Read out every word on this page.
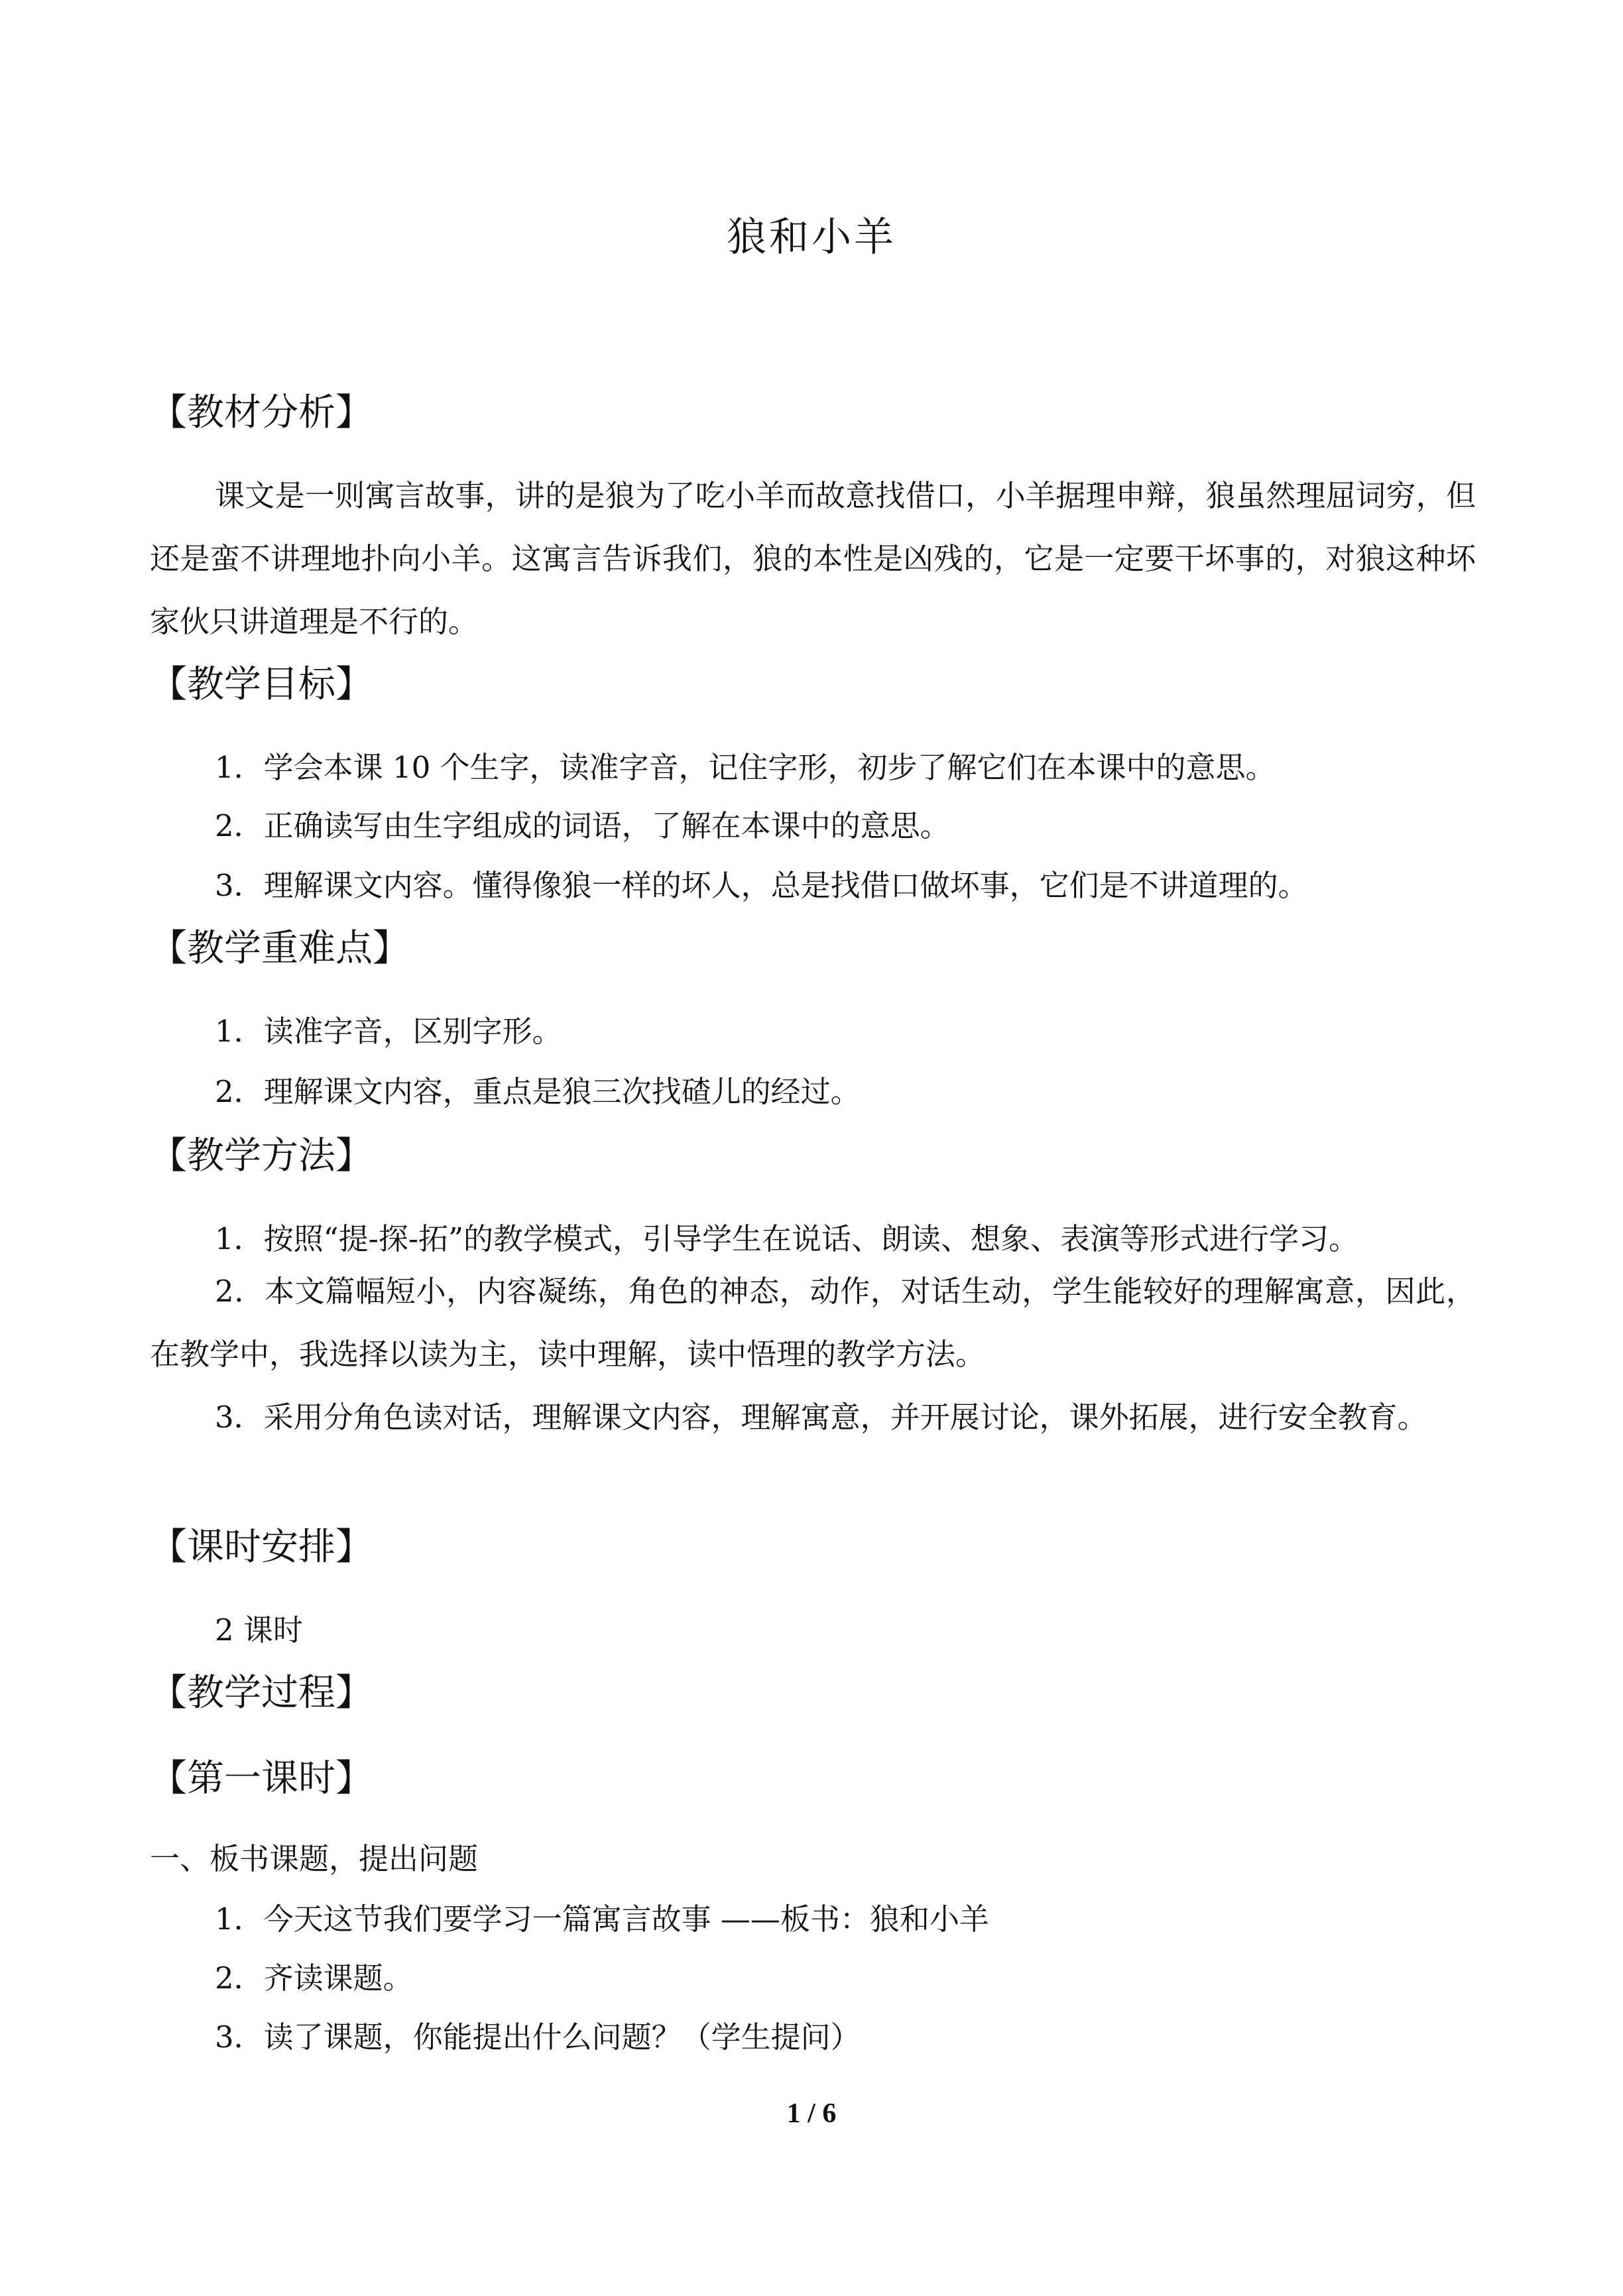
狼和小羊
【教材分析】
课文是一则寓言故事，讲的是狼为了吃小羊而故意找借口，小羊据理申辩，狼虽然理屈词穷，但还是蛮不讲理地扑向小羊。这寓言告诉我们，狼的本性是凶残的，它是一定要干坏事的，对狼这种坏家伙只讲道理是不行的。
【教学目标】
1．学会本课 10 个生字，读准字音，记住字形，初步了解它们在本课中的意思。
2．正确读写由生字组成的词语，了解在本课中的意思。
3．理解课文内容。懂得像狼一样的坏人，总是找借口做坏事，它们是不讲道理的。
【教学重难点】
1．读准字音，区别字形。
2．理解课文内容，重点是狼三次找碴儿的经过。
【教学方法】
1．按照“提-探-拓”的教学模式，引导学生在说话、朗读、想象、表演等形式进行学习。
2．本文篇幅短小，内容凝练，角色的神态，动作，对话生动，学生能较好的理解寓意，因此，在教学中，我选择以读为主，读中理解，读中悟理的教学方法。
3．采用分角色读对话，理解课文内容，理解寓意，并开展讨论，课外拓展，进行安全教育。
【课时安排】
2 课时
【教学过程】
【第一课时】
一、板书课题，提出问题
1．今天这节我们要学习一篇寓言故事 ——板书：狼和小羊
2．齐读课题。
3．读了课题，你能提出什么问题？（学生提问）
1 / 6
